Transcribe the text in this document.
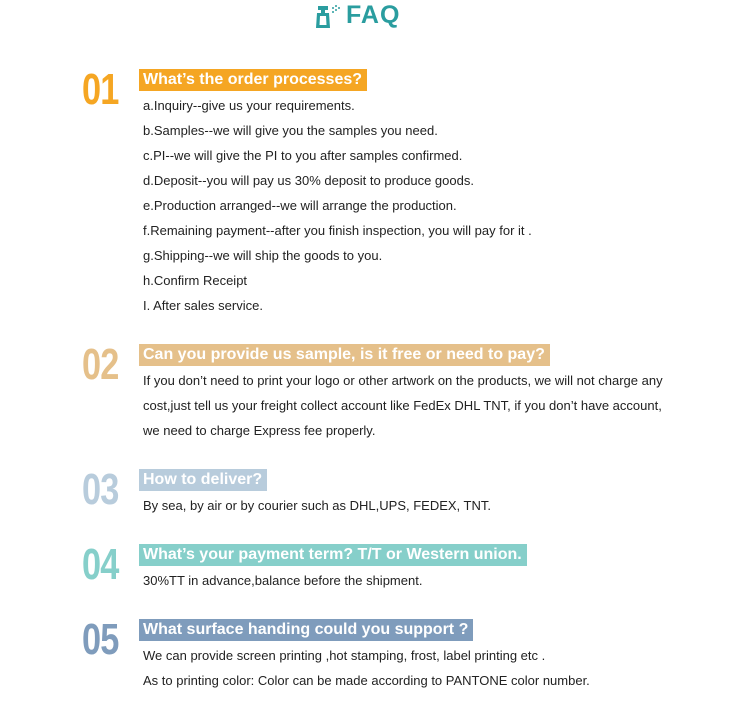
FAQ
01 What’s the order processes?
a.Inquiry--give us your requirements.
b.Samples--we will give you the samples you need.
c.PI--we will give the PI to you after samples confirmed.
d.Deposit--you will pay us 30% deposit to produce goods.
e.Production arranged--we will arrange the production.
f.Remaining payment--after you finish inspection, you will pay for it .
g.Shipping--we will ship the goods to you.
h.Confirm Receipt
I. After sales service.
02 Can you provide us sample, is it free or need to pay?
If you don’t need to print your logo or other artwork on the products, we will not charge any
cost,just tell us your freight collect account like FedEx DHL TNT, if you don’t have account,
we need to charge Express fee properly.
03 How to deliver?
By sea, by air or by courier such as DHL,UPS, FEDEX, TNT.
04 What’s your payment term? T/T or Western union.
30%TT in advance,balance before the shipment.
05 What surface handing could you support ?
We can provide screen printing ,hot stamping, frost, label printing etc .
As to printing color: Color can be made according to PANTONE color number.
